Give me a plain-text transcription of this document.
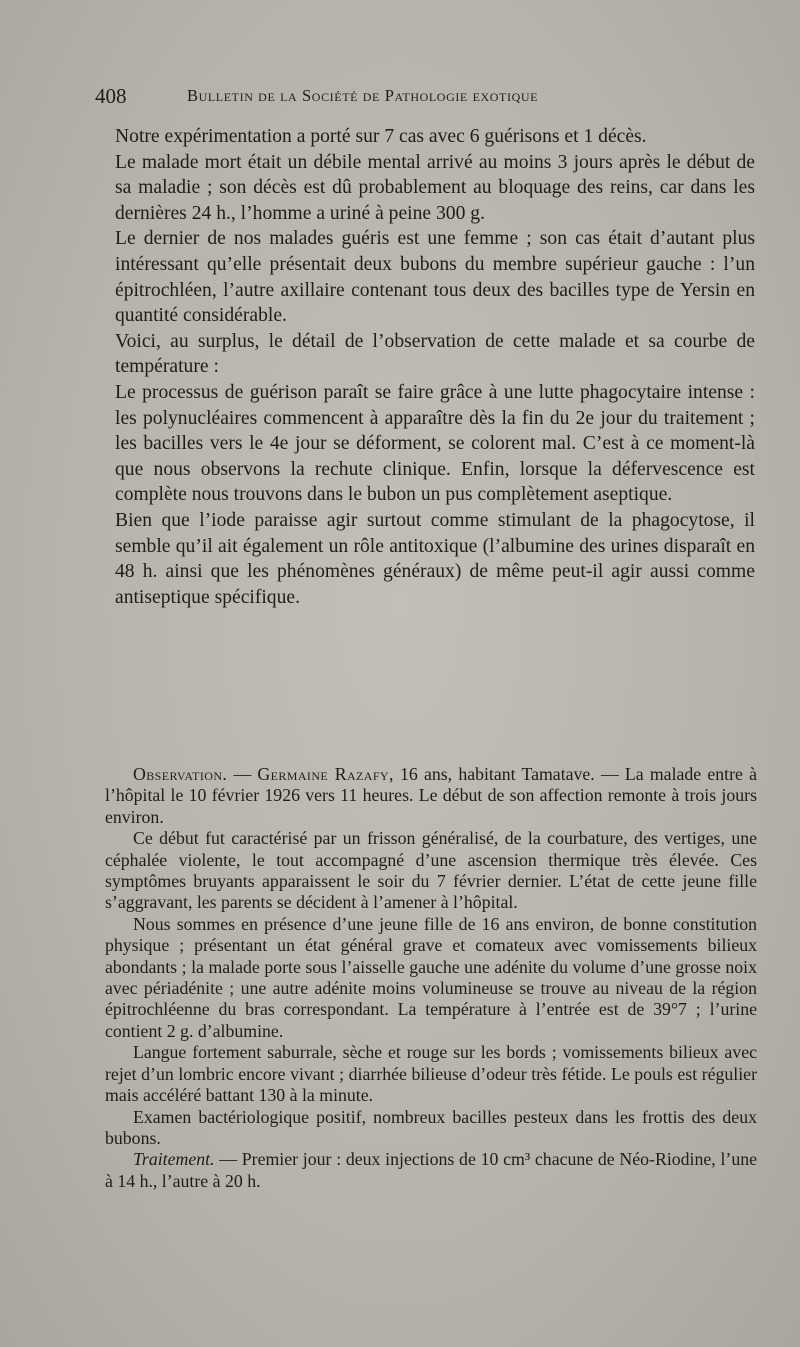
408	Bulletin de la Société de Pathologie exotique

Notre expérimentation a porté sur 7 cas avec 6 guérisons et 1 décès.

Le malade mort était un débile mental arrivé au moins 3 jours après le début de sa maladie ; son décès est dû probablement au bloquage des reins, car dans les dernières 24 h., l’homme a uriné à peine 300 g.

Le dernier de nos malades guéris est une femme ; son cas était d’autant plus intéressant qu’elle présentait deux bubons du membre supérieur gauche : l’un épitrochléen, l’autre axillaire contenant tous deux des bacilles type de Yersin en quantité considérable.

Voici, au surplus, le détail de l’observation de cette malade et sa courbe de température :

Le processus de guérison paraît se faire grâce à une lutte phagocytaire intense : les polynucléaires commencent à apparaître dès la fin du 2e jour du traitement ; les bacilles vers le 4e jour se déforment, se colorent mal. C’est à ce moment-là que nous observons la rechute clinique. Enfin, lorsque la défervescence est complète nous trouvons dans le bubon un pus complètement aseptique.

Bien que l’iode paraisse agir surtout comme stimulant de la phagocytose, il semble qu’il ait également un rôle antitoxique (l’albumine des urines disparaît en 48 h. ainsi que les phénomènes généraux) de même peut-il agir aussi comme antiseptique spécifique.

Observation. — Germaine Razafy, 16 ans, habitant Tamatave. — La malade entre à l’hôpital le 10 février 1926 vers 11 heures. Le début de son affection remonte à trois jours environ.

Ce début fut caractérisé par un frisson généralisé, de la courbature, des vertiges, une céphalée violente, le tout accompagné d’une ascension thermique très élevée. Ces symptômes bruyants apparaissent le soir du 7 février dernier. L’état de cette jeune fille s’aggravant, les parents se décident à l’amener à l’hôpital.

Nous sommes en présence d’une jeune fille de 16 ans environ, de bonne constitution physique ; présentant un état général grave et comateux avec vomissements bilieux abondants ; la malade porte sous l’aisselle gauche une adénite du volume d’une grosse noix avec périadénite ; une autre adénite moins volumineuse se trouve au niveau de la région épitrochléenne du bras correspondant. La température à l’entrée est de 39°7 ; l’urine contient 2 g. d’albumine.

Langue fortement saburrale, sèche et rouge sur les bords ; vomissements bilieux avec rejet d’un lombric encore vivant ; diarrhée bilieuse d’odeur très fétide. Le pouls est régulier mais accéléré battant 130 à la minute.

Examen bactériologique positif, nombreux bacilles pesteux dans les frottis des deux bubons.

Traitement. — Premier jour : deux injections de 10 cm³ chacune de Néo-Riodine, l’une à 14 h., l’autre à 20 h.
